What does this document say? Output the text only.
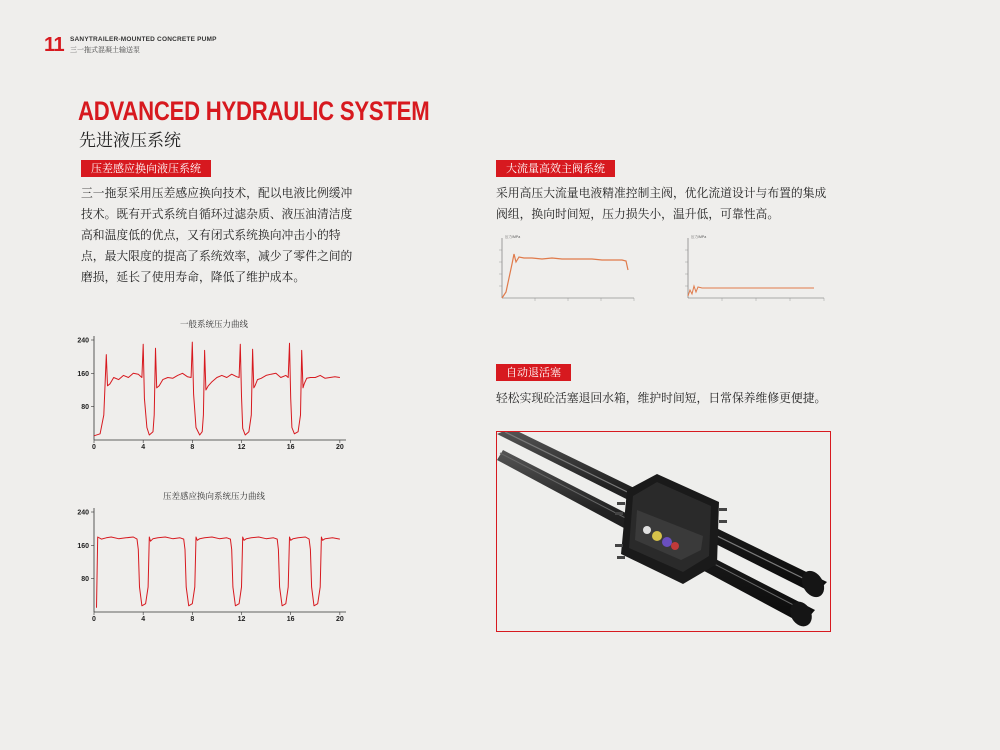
11 SANYTRAILER-MOUNTED CONCRETE PUMP
三一拖式混凝土输送泵
ADVANCED HYDRAULIC SYSTEM
先进液压系统
压差感应换向液压系统
三一拖泵采用压差感应换向技术，配以电液比例缓冲
技术。既有开式系统自循环过滤杂质、液压油清洁度
高和温度低的优点，又有闭式系统换向冲击小的特
点，最大限度的提高了系统效率，减少了零件之间的
磨损，延长了使用寿命，降低了维护成本。
一般系统压力曲线
80
160
240
0	4	8	12	16	20
压差感应换向系统压力曲线
80
160
240
0	4	8	12	16	20
大流量高效主阀系统
采用高压大流量电液精准控制主阀，优化流道设计与布置的集成
阀组，换向时间短，压力损失小，温升低，可靠性高。
压力/MPa	压力/MPa
自动退活塞
轻松实现砼活塞退回水箱，维护时间短，日常保养维修更便捷。
